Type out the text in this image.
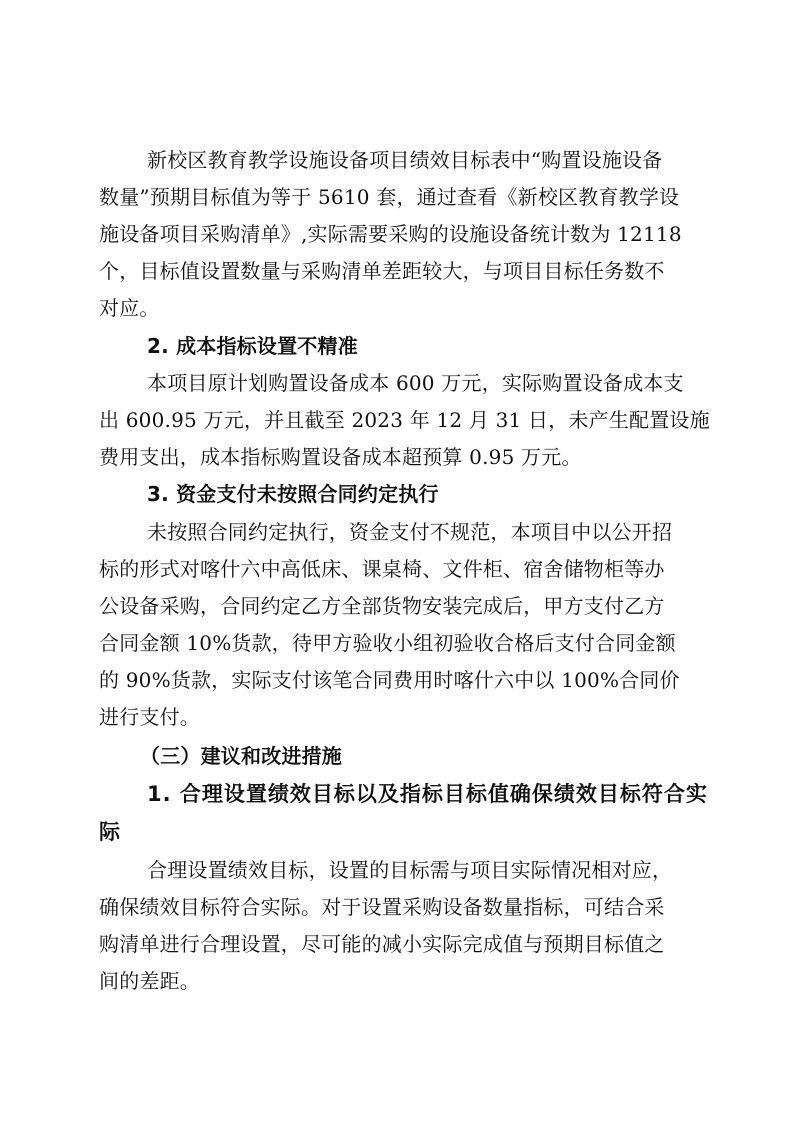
新校区教育教学设施设备项目绩效目标表中“购置设施设备

数量”预期目标值为等于 5610 套，通过查看《新校区教育教学设

施设备项目采购清单》,实际需要采购的设施设备统计数为 12118

个，目标值设置数量与采购清单差距较大，与项目目标任务数不

对应。

2. 成本指标设置不精准

本项目原计划购置设备成本 600 万元，实际购置设备成本支

出 600.95 万元，并且截至 2023 年 12 月 31 日，未产生配置设施

费用支出，成本指标购置设备成本超预算 0.95 万元。

3. 资金支付未按照合同约定执行

未按照合同约定执行，资金支付不规范，本项目中以公开招

标的形式对喀什六中高低床、课桌椅、文件柜、宿舍储物柜等办

公设备采购，合同约定乙方全部货物安装完成后，甲方支付乙方

合同金额 10%货款，待甲方验收小组初验收合格后支付合同金额

的 90%货款，实际支付该笔合同费用时喀什六中以 100%合同价

进行支付。

（三）建议和改进措施

1. 合理设置绩效目标以及指标目标值确保绩效目标符合实

际

合理设置绩效目标，设置的目标需与项目实际情况相对应，

确保绩效目标符合实际。对于设置采购设备数量指标，可结合采

购清单进行合理设置，尽可能的减小实际完成值与预期目标值之

间的差距。
